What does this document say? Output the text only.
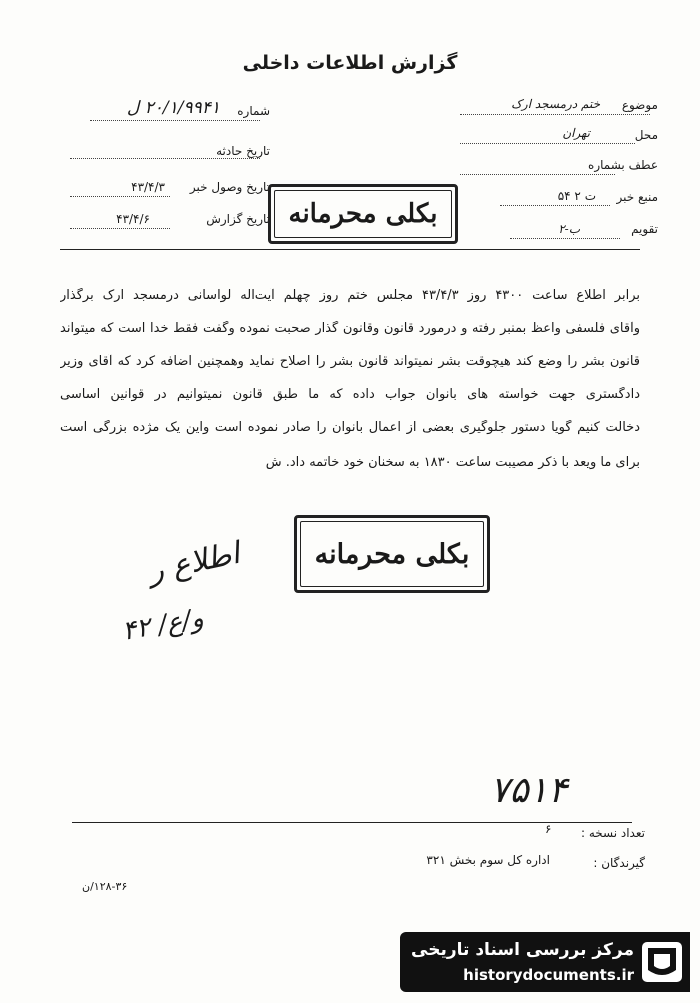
گزارش اطلاعات داخلی
موضوع
ختم درمسجد ارک
محل
تهران
عطف بشماره
منبع خبر
ت ۲ ۵۴
تقویم
ب-۲
شماره
۲۰/۱/۹۹۴۱ ل
تاریخ حادثه
تاریخ وصول خبر
۴۳/۴/۳
تاریخ گزارش
۴۳/۴/۶	بکلی محرمانه
برابر اطلاع ساعت ۴۳۰۰ روز ۴۳/۴/۳ مجلس ختم روز چهلم آیت‌اله لواسانی درمسجد ارک برگذار
وآقای فلسفی واعظ بمنبر رفته و درمورد قانون وقانون گذار صحبت نموده وگفت فقط خدا است که میتواند
قانون بشر را وضع کند هیچوقت بشر نمیتواند قانون بشر را اصلاح نماید وهمچنین اضافه کرد که آقای وزیر
دادگستری جهت خواسته های بانوان جواب داده که ما طبق قانون نمیتوانیم در قوانین اساسی
دخالت کنیم گویا دستور جلوگیری بعضی از اعمال بانوان را صادر نموده است واین یک مژده بزرگی است
برای ما ویعد با ذکر مصیبت ساعت ۱۸۳۰ به سخنان خود خاتمه داد. ش
بکلی محرمانه
اطلاع ر
و/ع/ ۴۲
۷۵۱۴
تعداد نسخه :
۶
گیرندگان :
اداره کل سوم بخش ۳۲۱
۱۲۸-۳۶/ن
مرکز بررسی اسناد تاریخی
historydocuments.ir
